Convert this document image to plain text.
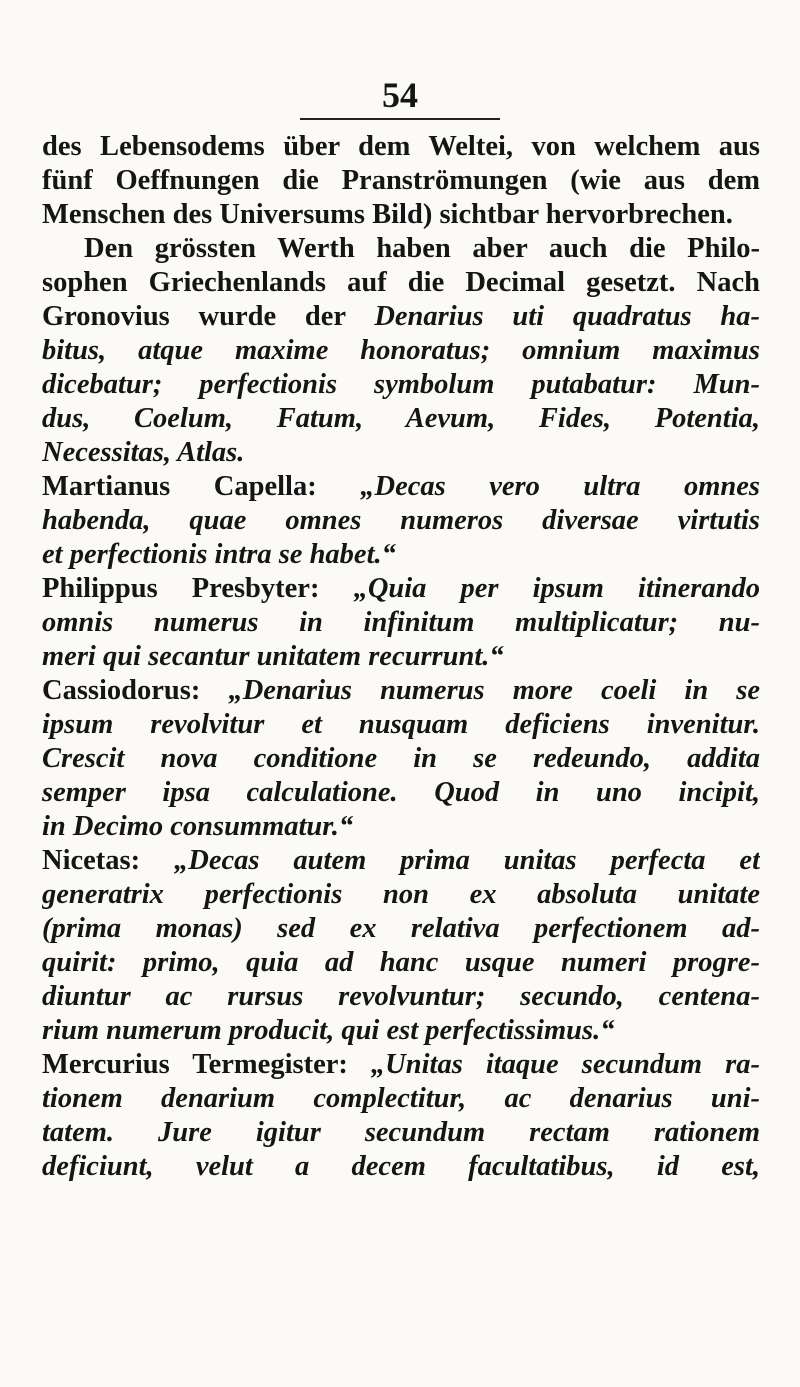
54
des Lebensodems über dem Weltei, von welchem aus
fünf Oeffnungen die Pranströmungen (wie aus dem
Menschen des Universums Bild) sichtbar hervorbrechen.
Den grössten Werth haben aber auch die Philo-
sophen Griechenlands auf die Decimal gesetzt. Nach
Gronovius wurde der Denarius uti quadratus ha-
bitus, atque maxime honoratus; omnium maximus
dicebatur; perfectionis symbolum putabatur: Mun-
dus, Coelum, Fatum, Aevum, Fides, Potentia,
Necessitas, Atlas.
Martianus Capella: „Decas vero ultra omnes
habenda, quae omnes numeros diversae virtutis
et perfectionis intra se habet.“
Philippus Presbyter: „Quia per ipsum itinerando
omnis numerus in infinitum multiplicatur; nu-
meri qui secantur unitatem recurrunt.“
Cassiodorus: „Denarius numerus more coeli in se
ipsum revolvitur et nusquam deficiens invenitur.
Crescit nova conditione in se redeundo, addita
semper ipsa calculatione. Quod in uno incipit,
in Decimo consummatur.“
Nicetas: „Decas autem prima unitas perfecta et
generatrix perfectionis non ex absoluta unitate
(prima monas) sed ex relativa perfectionem ad-
quirit: primo, quia ad hanc usque numeri progre-
diuntur ac rursus revolvuntur; secundo, centena-
rium numerum producit, qui est perfectissimus.“
Mercurius Termegister: „Unitas itaque secundum ra-
tionem denarium complectitur, ac denarius uni-
tatem. Jure igitur secundum rectam rationem
deficiunt, velut a decem facultatibus, id est,
